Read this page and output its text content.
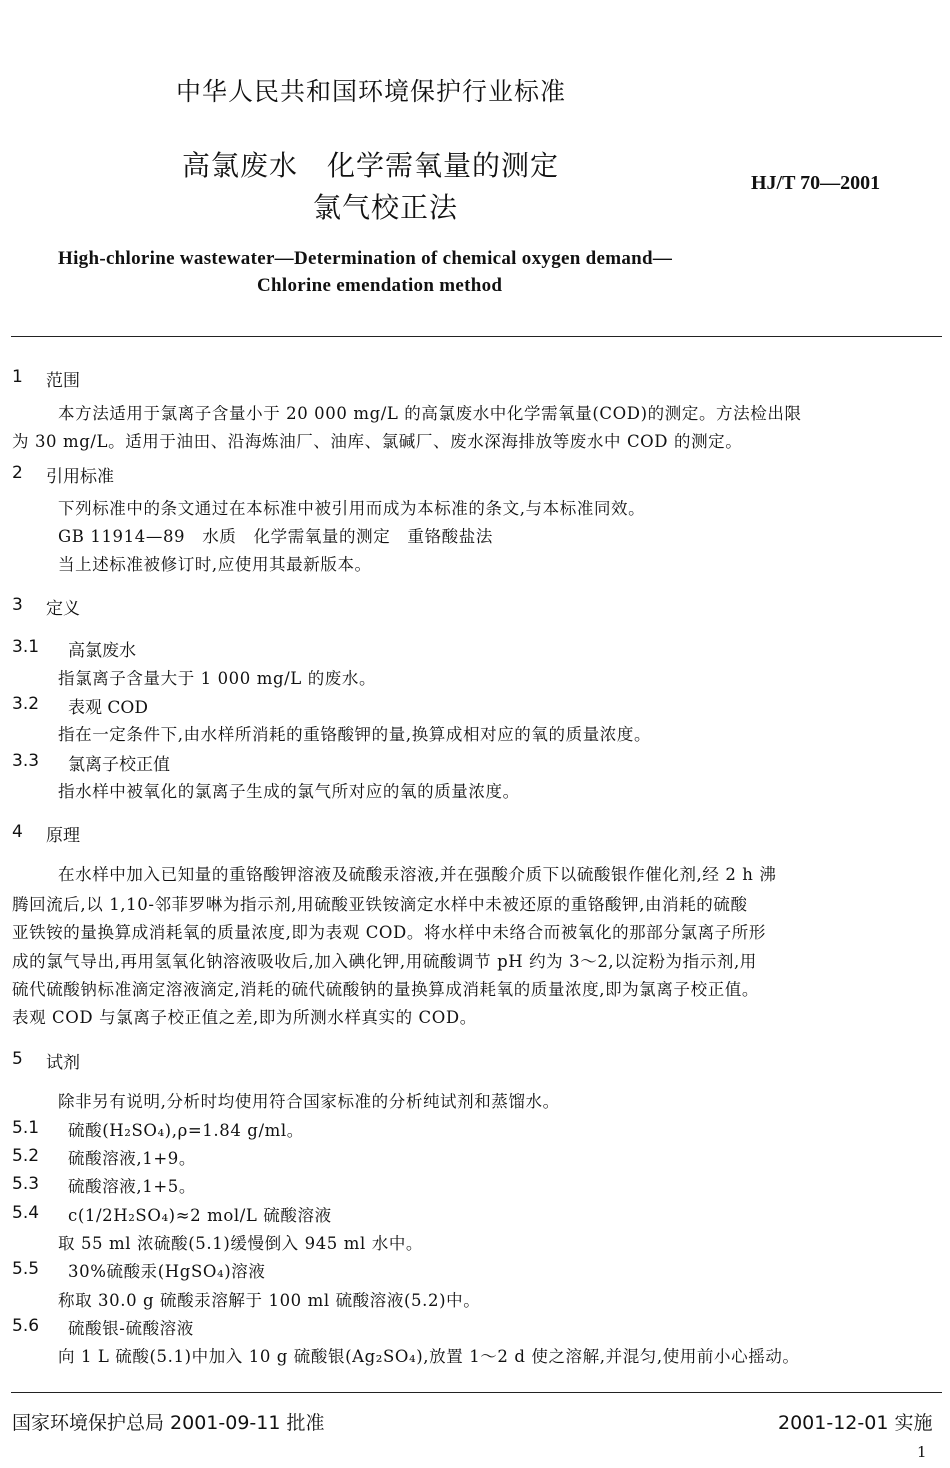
中华人民共和国环境保护行业标准
高氯废水　化学需氧量的测定
氯气校正法
HJ/T 70—2001
High-chlorine wastewater—Determination of chemical oxygen demand—
Chlorine emendation method
1 范围
本方法适用于氯离子含量小于 20 000 mg/L 的高氯废水中化学需氧量(COD)的测定。方法检出限
为 30 mg/L。适用于油田、沿海炼油厂、油库、氯碱厂、废水深海排放等废水中 COD 的测定。
2 引用标准
下列标准中的条文通过在本标准中被引用而成为本标准的条文,与本标准同效。
GB 11914—89　水质　化学需氧量的测定　重铬酸盐法
当上述标准被修订时,应使用其最新版本。
3 定义
3.1 高氯废水
指氯离子含量大于 1 000 mg/L 的废水。
3.2 表观 COD
指在一定条件下,由水样所消耗的重铬酸钾的量,换算成相对应的氧的质量浓度。
3.3 氯离子校正值
指水样中被氧化的氯离子生成的氯气所对应的氧的质量浓度。
4 原理
在水样中加入已知量的重铬酸钾溶液及硫酸汞溶液,并在强酸介质下以硫酸银作催化剂,经 2 h 沸
腾回流后,以 1,10-邻菲罗啉为指示剂,用硫酸亚铁铵滴定水样中未被还原的重铬酸钾,由消耗的硫酸
亚铁铵的量换算成消耗氧的质量浓度,即为表观 COD。将水样中未络合而被氧化的那部分氯离子所形
成的氯气导出,再用氢氧化钠溶液吸收后,加入碘化钾,用硫酸调节 pH 约为 3～2,以淀粉为指示剂,用
硫代硫酸钠标准滴定溶液滴定,消耗的硫代硫酸钠的量换算成消耗氧的质量浓度,即为氯离子校正值。
表观 COD 与氯离子校正值之差,即为所测水样真实的 COD。
5 试剂
除非另有说明,分析时均使用符合国家标准的分析纯试剂和蒸馏水。
5.1 硫酸(H₂SO₄),ρ=1.84 g/ml。
5.2 硫酸溶液,1+9。
5.3 硫酸溶液,1+5。
5.4 c(1/2H₂SO₄)≈2 mol/L 硫酸溶液
取 55 ml 浓硫酸(5.1)缓慢倒入 945 ml 水中。
5.5 30%硫酸汞(HgSO₄)溶液
称取 30.0 g 硫酸汞溶解于 100 ml 硫酸溶液(5.2)中。
5.6 硫酸银-硫酸溶液
向 1 L 硫酸(5.1)中加入 10 g 硫酸银(Ag₂SO₄),放置 1～2 d 使之溶解,并混匀,使用前小心摇动。
国家环境保护总局 2001-09-11 批准	2001-12-01 实施
1
